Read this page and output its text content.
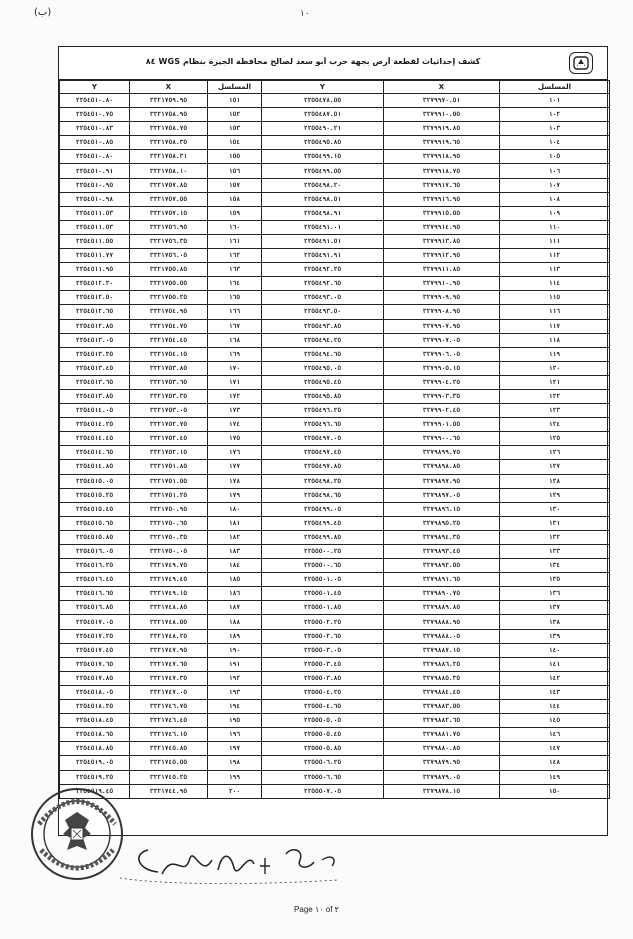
(ب)	١٠
كشف إحداثيات لقطعة أرض بجهة حرب أبو سعد لصالح محافظة الجيزة بنظام WGS ٨٤
Y	X	المسلسل	Y	X	المسلسل
٢٢٥٤٥١٠.٨٠	٣٢٢١٧٥٩.٩٥	١٥١	٢٢٥٥٤٧٨.٥٥	٣٢٧٩٩٧٠.٥١	١٠١
٢٢٥٤٥١٠.٧٥	٣٢٢١٧٥٨.٩٥	١٥٢	٢٢٥٥٤٨٧.٥١	٣٢٧٩٩١٠.٥٥	١٠٢
٢٢٥٤٥١٠.٨٣	٣٢٢١٧٥٨.٧٥	١٥٣	٢٢٥٥٤٩٠.٢١	٣٢٧٩٩١٩.٨٥	١٠٣
٢٢٥٤٥١٠.٨٥	٣٢٢١٧٥٨.٣٥	١٥٤	٢٢٥٥٤٩٥.٨٥	٣٢٧٩٩١٩.٦٥	١٠٤
٢٢٥٤٥١٠.٨٠	٣٢٢١٧٥٨.٣١	١٥٥	٢٢٥٥٤٩٩.١٥	٣٢٧٩٩١٨.٩٥	١٠٥
٢٢٥٤٥١٠.٩١	٣٢٢١٧٥٨.١٠	١٥٦	٢٢٥٥٤٩٩.٥٥	٣٢٧٩٩١٨.٧٥	١٠٦
٢٢٥٤٥١٠.٩٥	٣٢٢١٧٥٧.٨٥	١٥٧	٢٢٥٥٤٩٨.٢٠	٣٢٧٩٩١٧.٦٥	١٠٧
٢٢٥٤٥١٠.٩٨	٣٢٢١٧٥٧.٥٥	١٥٨	٢٢٥٥٤٩٨.٥١	٣٢٧٩٩١٦.٩٥	١٠٨
٢٢٥٤٥١١.٥٣	٣٢٢١٧٥٧.١٥	١٥٩	٢٢٥٥٤٩٨.٩١	٣٢٧٩٩١٥.٥٥	١٠٩
٢٢٥٤٥١١.٥٣	٣٢٢١٧٥٦.٩٥	١٦٠	٢٢٥٥٤٩١.٠١	٣٢٧٩٩١٤.٩٥	١١٠
٢٢٥٤٥١١.٥٥	٣٢٢١٧٥٦.٣٥	١٦١	٢٢٥٥٤٩١.٥١	٣٢٧٩٩١٣.٨٥	١١١
٢٢٥٤٥١١.٧٧	٣٢٢١٧٥٦.٠٥	١٦٢	٢٢٥٥٤٩١.٩١	٣٢٧٩٩١٢.٩٥	١١٢
٢٢٥٤٥١١.٩٥	٣٢٢١٧٥٥.٨٥	١٦٣	٢٢٥٥٤٩٢.٢٥	٣٢٧٩٩١١.٨٥	١١٣
٢٢٥٤٥١٢.٢٠	٣٢٢١٧٥٥.٥٥	١٦٤	٢٢٥٥٤٩٢.٦٥	٣٢٧٩٩١٠.٩٥	١١٤
٢٢٥٤٥١٢.٥٠	٣٢٢١٧٥٥.٢٥	١٦٥	٢٢٥٥٤٩٣.٠٥	٣٢٧٩٩٠٩.٩٥	١١٥
٢٢٥٤٥١٢.٦٥	٣٢٢١٧٥٤.٩٥	١٦٦	٢٢٥٥٤٩٣.٥٠	٣٢٧٩٩٠٨.٩٥	١١٦
٢٢٥٤٥١٢.٨٥	٣٢٢١٧٥٤.٧٥	١٦٧	٢٢٥٥٤٩٣.٨٥	٣٢٧٩٩٠٧.٩٥	١١٧
٢٢٥٤٥١٣.٠٥	٣٢٢١٧٥٤.٤٥	١٦٨	٢٢٥٥٤٩٤.٢٥	٣٢٧٩٩٠٧.٠٥	١١٨
٢٢٥٤٥١٣.٢٥	٣٢٢١٧٥٤.١٥	١٦٩	٢٢٥٥٤٩٤.٦٥	٣٢٧٩٩٠٦.٠٥	١١٩
٢٢٥٤٥١٣.٤٥	٣٢٢١٧٥٣.٨٥	١٧٠	٢٢٥٥٤٩٥.٠٥	٣٢٧٩٩٠٥.١٥	١٢٠
٢٢٥٤٥١٣.٦٥	٣٢٢١٧٥٣.٦٥	١٧١	٢٢٥٥٤٩٥.٤٥	٣٢٧٩٩٠٤.٢٥	١٢١
٢٢٥٤٥١٣.٨٥	٣٢٢١٧٥٣.٣٥	١٧٢	٢٢٥٥٤٩٥.٨٥	٣٢٧٩٩٠٣.٣٥	١٢٢
٢٢٥٤٥١٤.٠٥	٣٢٢١٧٥٣.٠٥	١٧٣	٢٢٥٥٤٩٦.٢٥	٣٢٧٩٩٠٢.٤٥	١٢٣
٢٢٥٤٥١٤.٢٥	٣٢٢١٧٥٢.٧٥	١٧٤	٢٢٥٥٤٩٦.٦٥	٣٢٧٩٩٠١.٥٥	١٢٤
٢٢٥٤٥١٤.٤٥	٣٢٢١٧٥٢.٤٥	١٧٥	٢٢٥٥٤٩٧.٠٥	٣٢٧٩٩٠٠.٦٥	١٢٥
٢٢٥٤٥١٤.٦٥	٣٢٢١٧٥٢.١٥	١٧٦	٢٢٥٥٤٩٧.٤٥	٣٢٧٩٨٩٩.٧٥	١٢٦
٢٢٥٤٥١٤.٨٥	٣٢٢١٧٥١.٨٥	١٧٧	٢٢٥٥٤٩٧.٨٥	٣٢٧٩٨٩٨.٨٥	١٢٧
٢٢٥٤٥١٥.٠٥	٣٢٢١٧٥١.٥٥	١٧٨	٢٢٥٥٤٩٨.٢٥	٣٢٧٩٨٩٧.٩٥	١٢٨
٢٢٥٤٥١٥.٢٥	٣٢٢١٧٥١.٢٥	١٧٩	٢٢٥٥٤٩٨.٦٥	٣٢٧٩٨٩٧.٠٥	١٢٩
٢٢٥٤٥١٥.٤٥	٣٢٢١٧٥٠.٩٥	١٨٠	٢٢٥٥٤٩٩.٠٥	٣٢٧٩٨٩٦.١٥	١٣٠
٢٢٥٤٥١٥.٦٥	٣٢٢١٧٥٠.٦٥	١٨١	٢٢٥٥٤٩٩.٤٥	٣٢٧٩٨٩٥.٢٥	١٣١
٢٢٥٤٥١٥.٨٥	٣٢٢١٧٥٠.٣٥	١٨٢	٢٢٥٥٤٩٩.٨٥	٣٢٧٩٨٩٤.٣٥	١٣٢
٢٢٥٤٥١٦.٠٥	٣٢٢١٧٥٠.٠٥	١٨٣	٢٢٥٥٥٠٠.٢٥	٣٢٧٩٨٩٣.٤٥	١٣٣
٢٢٥٤٥١٦.٢٥	٣٢٢١٧٤٩.٧٥	١٨٤	٢٢٥٥٥٠٠.٦٥	٣٢٧٩٨٩٢.٥٥	١٣٤
٢٢٥٤٥١٦.٤٥	٣٢٢١٧٤٩.٤٥	١٨٥	٢٢٥٥٥٠١.٠٥	٣٢٧٩٨٩١.٦٥	١٣٥
٢٢٥٤٥١٦.٦٥	٣٢٢١٧٤٩.١٥	١٨٦	٢٢٥٥٥٠١.٤٥	٣٢٧٩٨٩٠.٧٥	١٣٦
٢٢٥٤٥١٦.٨٥	٣٢٢١٧٤٨.٨٥	١٨٧	٢٢٥٥٥٠١.٨٥	٣٢٧٩٨٨٩.٨٥	١٣٧
٢٢٥٤٥١٧.٠٥	٣٢٢١٧٤٨.٥٥	١٨٨	٢٢٥٥٥٠٢.٢٥	٣٢٧٩٨٨٨.٩٥	١٣٨
٢٢٥٤٥١٧.٢٥	٣٢٢١٧٤٨.٢٥	١٨٩	٢٢٥٥٥٠٢.٦٥	٣٢٧٩٨٨٨.٠٥	١٣٩
٢٢٥٤٥١٧.٤٥	٣٢٢١٧٤٧.٩٥	١٩٠	٢٢٥٥٥٠٣.٠٥	٣٢٧٩٨٨٧.١٥	١٤٠
٢٢٥٤٥١٧.٦٥	٣٢٢١٧٤٧.٦٥	١٩١	٢٢٥٥٥٠٣.٤٥	٣٢٧٩٨٨٦.٢٥	١٤١
٢٢٥٤٥١٧.٨٥	٣٢٢١٧٤٧.٣٥	١٩٢	٢٢٥٥٥٠٣.٨٥	٣٢٧٩٨٨٥.٣٥	١٤٢
٢٢٥٤٥١٨.٠٥	٣٢٢١٧٤٧.٠٥	١٩٣	٢٢٥٥٥٠٤.٢٥	٣٢٧٩٨٨٤.٤٥	١٤٣
٢٢٥٤٥١٨.٢٥	٣٢٢١٧٤٦.٧٥	١٩٤	٢٢٥٥٥٠٤.٦٥	٣٢٧٩٨٨٣.٥٥	١٤٤
٢٢٥٤٥١٨.٤٥	٣٢٢١٧٤٦.٤٥	١٩٥	٢٢٥٥٥٠٥.٠٥	٣٢٧٩٨٨٢.٦٥	١٤٥
٢٢٥٤٥١٨.٦٥	٣٢٢١٧٤٦.١٥	١٩٦	٢٢٥٥٥٠٥.٤٥	٣٢٧٩٨٨١.٧٥	١٤٦
٢٢٥٤٥١٨.٨٥	٣٢٢١٧٤٥.٨٥	١٩٧	٢٢٥٥٥٠٥.٨٥	٣٢٧٩٨٨٠.٨٥	١٤٧
٢٢٥٤٥١٩.٠٥	٣٢٢١٧٤٥.٥٥	١٩٨	٢٢٥٥٥٠٦.٢٥	٣٢٧٩٨٧٩.٩٥	١٤٨
٢٢٥٤٥١٩.٢٥	٣٢٢١٧٤٥.٢٥	١٩٩	٢٢٥٥٥٠٦.٦٥	٣٢٧٩٨٧٩.٠٥	١٤٩
٢٢٥٤٥١٩.٤٥	٣٢٢١٧٤٤.٩٥	٢٠٠	٢٢٥٥٥٠٧.٠٥	٣٢٧٩٨٧٨.١٥	١٥٠
Page ١٠ of ٢
